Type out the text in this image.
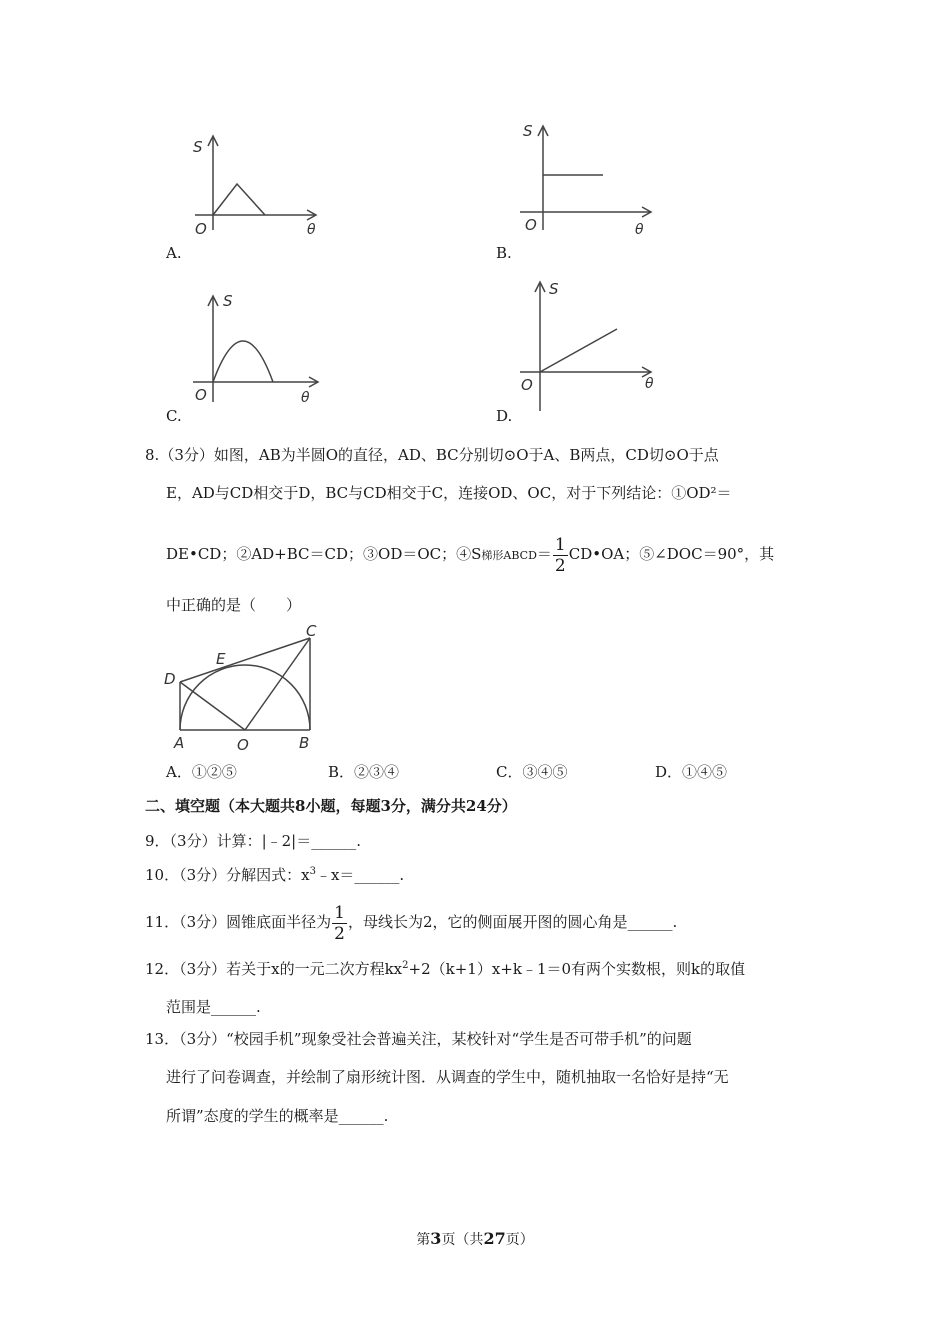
S
O	θ
A.
S
O	θ
B.
S
O	θ
C.
S
O	θ
D.
8.（3分）如图，AB为半圆O的直径，AD、BC分别切⊙O于A、B两点，CD切⊙O于点
E，AD与CD相交于D，BC与CD相交于C，连接OD、OC，对于下列结论：①OD²＝
DE•CD；②AD+BC＝CD；③OD＝OC；④S梯形ABCD＝ $\frac{1}{2}$ CD•OA；⑤∠DOC＝90°，其
中正确的是（　　）
C
E
D
A	O	B
A．①②⑤	B．②③④	C．③④⑤	D．①④⑤
二、填空题（本大题共8小题，每题3分，满分共24分）
9．（3分）计算：|﹣2|＝______.
10．（3分）分解因式：$x^3﹣x=\_\_\_\_\_\_$.
11．（3分）圆锥底面半径为 $\frac{1}{2}$ ，母线长为2，它的侧面展开图的圆心角是______.
12．（3分）若关于x的一元二次方程$kx^2+2(k+1)x+k﹣1=0$有两个实数根，则k的取值
范围是______.
13．（3分）“校园手机”现象受社会普遍关注，某校针对“学生是否可带手机”的问题
进行了问卷调查，并绘制了扇形统计图．从调查的学生中，随机抽取一名恰好是持“无
所谓”态度的学生的概率是______.
第3页（共27页）
